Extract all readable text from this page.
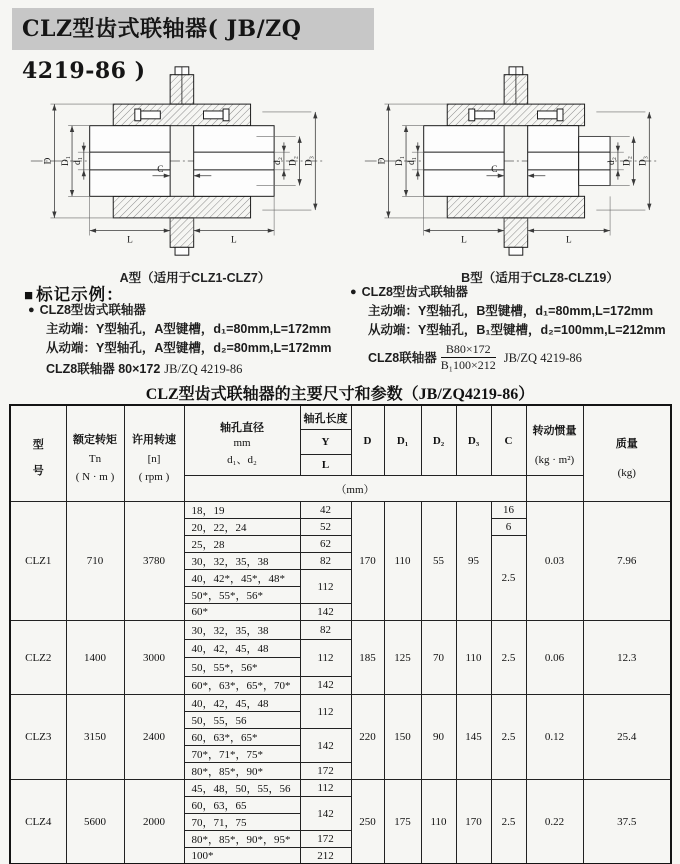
CLZ型齿式联轴器( JB/ZQ 4219-86 )
C
D D₁ d₁	d₂ D₂ D₃
L	L
C
D D₁ d₁	d₂ D₂ D₃
L	L
A型（适用于CLZ1-CLZ7）	B型（适用于CLZ8-CLZ19）
■ 标记示例：
● CLZ8型齿式联轴器
主动端：Y型轴孔，A型键槽，d₁=80mm,L=172mm
从动端：Y型轴孔，A型键槽，d₂=80mm,L=172mm
CLZ8联轴器 80×172 JB/ZQ 4219-86
● CLZ8型齿式联轴器
主动端：Y型轴孔，B型键槽，d₁=80mm,L=172mm
从动端：Y型轴孔，B₁型键槽，d₂=100mm,L=212mm
CLZ8联轴器 $\frac{B80\times 172}{\text{B₁100×212}} JB/ZQ$ 4219-86
CLZ型齿式联轴器的主要尺寸和参数（JB/ZQ4219-86）
型
号	额定转矩
Tn
( N · m )	许用转速
[n]
( rpm )	轴孔直径
mm
d₁、d₂	轴孔长度	D	D₁	D₂	D₃	C	转动惯量
(kg · m²)	质量
(kg)

				Y							
				L							
			（mm）								
CLZ1	710	3780	18，19	42	170	110	55	95	16	0.03	7.96
			20，22，24	52					6		
			25，28	62					2.5		
			30，32，35，38	82							
			40，42*，45*，48*	112							
			50*，55*，56*								
			60*	142							
CLZ2	1400	3000	30，32，35，38	82	185	125	70	110	2.5	0.06	12.3
			40，42，45，48	112							
			50，55*，56*								
			60*，63*，65*，70*	142							
CLZ3	3150	2400	40，42，45，48	112	220	150	90	145	2.5	0.12	25.4
			50，55，56								
			60，63*，65*	142							
			70*，71*，75*								
			80*，85*，90*	172							
CLZ4	5600	2000	45，48，50，55，56	112	250	175	110	170	2.5	0.22	37.5
			60，63，65	142							
			70，71，75								
			80*，85*，90*，95*	172							
			100*	212							
